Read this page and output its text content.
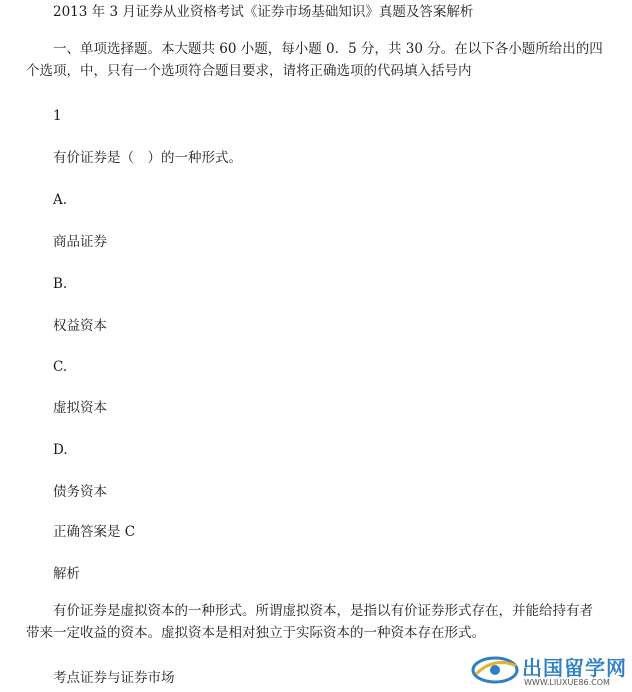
2013 年 3 月证券从业资格考试《证券市场基础知识》真题及答案解析
一、单项选择题。本大题共 60 小题，每小题 0．5 分，共 30 分。在以下各小题所给出的四个选项，中，只有一个选项符合题目要求，请将正确选项的代码填入括号内
1
有价证券是（　）的一种形式。
A.
商品证券
B.
权益资本
C.
虚拟资本
D.
债务资本
正确答案是 C
解析
有价证券是虚拟资本的一种形式。所谓虚拟资本，是指以有价证券形式存在，并能给持有者带来一定收益的资本。虚拟资本是相对独立于实际资本的一种资本存在形式。
考点证券与证券市场	出国留学网
WWW.LIUXUE86.COM
